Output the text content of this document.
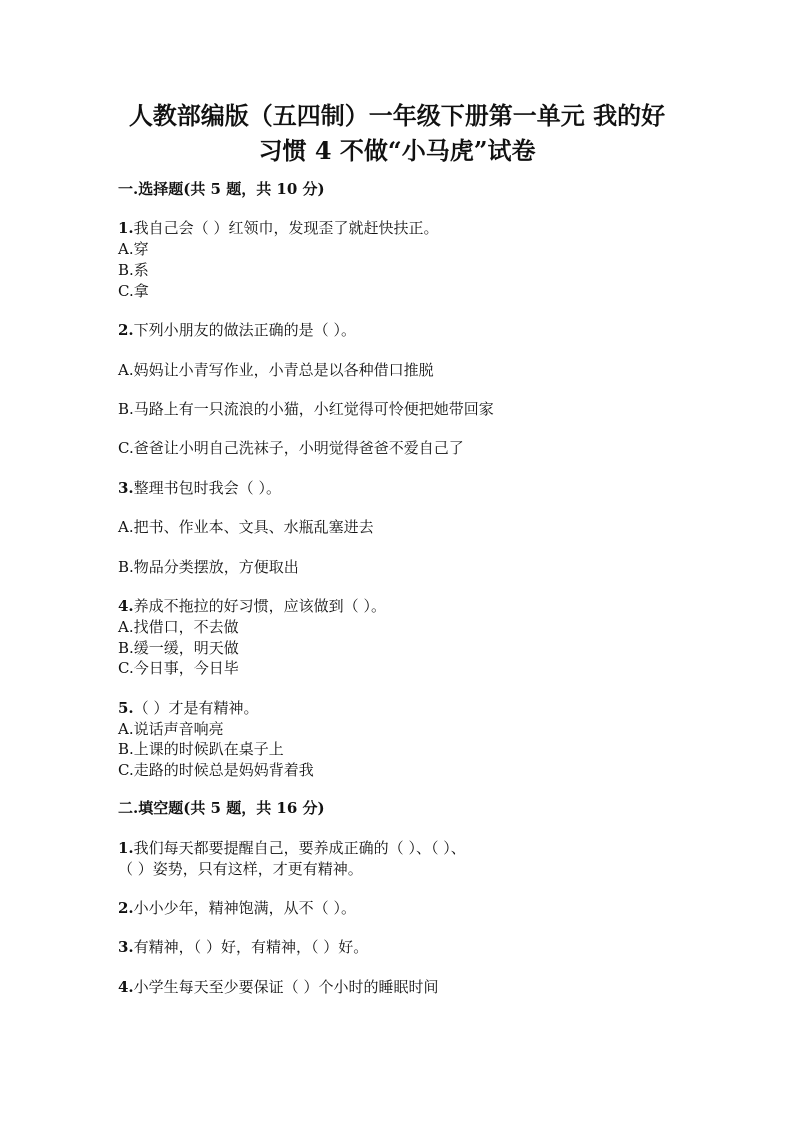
人教部编版（五四制）一年级下册第一单元 我的好
习惯 4 不做“小马虎”试卷
一.选择题(共 5 题，共 10 分)
1.我自己会（ ）红领巾，发现歪了就赶快扶正。
A.穿
B.系
C.拿
2.下列小朋友的做法正确的是（ ）。
A.妈妈让小青写作业，小青总是以各种借口推脱
B.马路上有一只流浪的小猫，小红觉得可怜便把她带回家
C.爸爸让小明自己洗袜子，小明觉得爸爸不爱自己了
3.整理书包时我会（ ）。
A.把书、作业本、文具、水瓶乱塞进去
B.物品分类摆放，方便取出
4.养成不拖拉的好习惯，应该做到（ ）。
A.找借口，不去做
B.缓一缓，明天做
C.今日事，今日毕
5.（ ）才是有精神。
A.说话声音响亮
B.上课的时候趴在桌子上
C.走路的时候总是妈妈背着我
二.填空题(共 5 题，共 16 分)
1.我们每天都要提醒自己，要养成正确的（ ）、（ ）、
（ ）姿势，只有这样，才更有精神。
2.小小少年，精神饱满，从不（ ）。
3.有精神，（ ）好，有精神，（ ）好。
4.小学生每天至少要保证（ ）个小时的睡眠时间
